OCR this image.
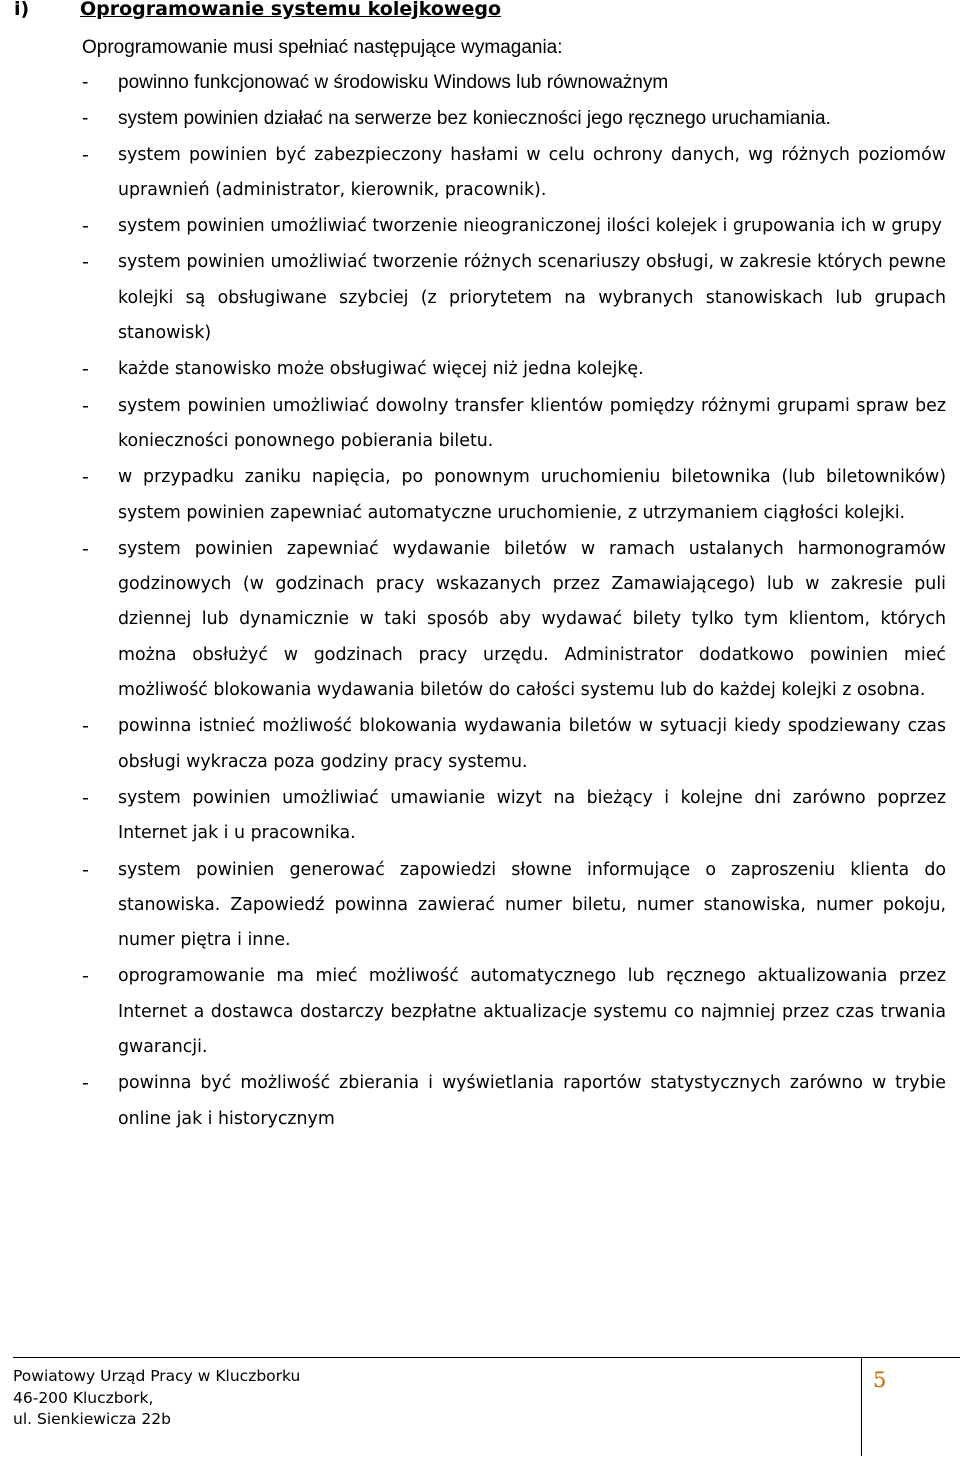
i)	Oprogramowanie systemu kolejkowego
Oprogramowanie musi spełniać następujące wymagania:
-	powinno funkcjonować w środowisku Windows lub równoważnym
-	system powinien działać na serwerze bez konieczności jego ręcznego uruchamiania.
-	system powinien być zabezpieczony hasłami w celu ochrony danych, wg różnych poziomów uprawnień (administrator, kierownik, pracownik).
-	system powinien umożliwiać tworzenie nieograniczonej ilości kolejek i grupowania ich w grupy
-	system powinien umożliwiać tworzenie różnych scenariuszy obsługi, w zakresie których pewne kolejki są obsługiwane szybciej (z priorytetem na wybranych stanowiskach lub grupach stanowisk)
-	każde stanowisko może obsługiwać więcej niż jedna kolejkę.
-	system powinien umożliwiać dowolny transfer klientów pomiędzy różnymi grupami spraw bez konieczności ponownego pobierania biletu.
-	w przypadku zaniku napięcia, po ponownym uruchomieniu biletownika (lub biletowników) system powinien zapewniać automatyczne uruchomienie, z utrzymaniem ciągłości kolejki.
-	system powinien zapewniać wydawanie biletów w ramach ustalanych harmonogramów godzinowych (w godzinach pracy wskazanych przez Zamawiającego) lub w zakresie puli dziennej lub dynamicznie w taki sposób aby wydawać bilety tylko tym klientom, których można obsłużyć w godzinach pracy urzędu. Administrator dodatkowo powinien mieć możliwość blokowania wydawania biletów do całości systemu lub do każdej kolejki z osobna.
-	powinna istnieć możliwość blokowania wydawania biletów w sytuacji kiedy spodziewany czas obsługi wykracza poza godziny pracy systemu.
-	system powinien umożliwiać umawianie wizyt na bieżący i kolejne dni zarówno poprzez Internet jak i u pracownika.
-	system powinien generować zapowiedzi słowne informujące o zaproszeniu klienta do stanowiska. Zapowiedź powinna zawierać numer biletu, numer stanowiska, numer pokoju, numer piętra i inne.
-	oprogramowanie ma mieć możliwość automatycznego lub ręcznego aktualizowania przez Internet a dostawca dostarczy bezpłatne aktualizacje systemu co najmniej przez czas trwania gwarancji.
-	powinna być możliwość zbierania i wyświetlania raportów statystycznych zarówno w trybie online jak i historycznym
Powiatowy Urząd Pracy w Kluczborku
46-200 Kluczbork,
ul. Sienkiewicza 22b
5
